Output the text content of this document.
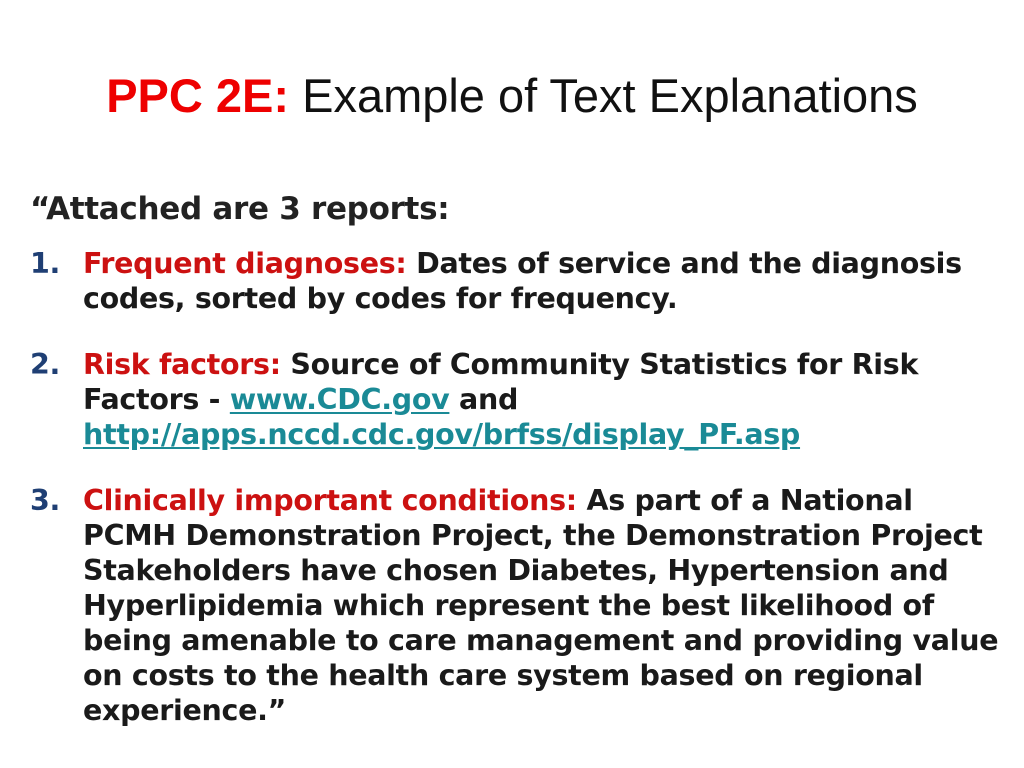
PPC 2E: Example of Text Explanations
“Attached are 3 reports:
1. Frequent diagnoses: Dates of service and the diagnosis codes, sorted by codes for frequency.
2. Risk factors: Source of Community Statistics for Risk Factors - www.CDC.gov and http://apps.nccd.cdc.gov/brfss/display_PF.asp
3. Clinically important conditions: As part of a National PCMH Demonstration Project, the Demonstration Project Stakeholders have chosen Diabetes, Hypertension and Hyperlipidemia which represent the best likelihood of being amenable to care management and providing value on costs to the health care system based on regional experience.”
